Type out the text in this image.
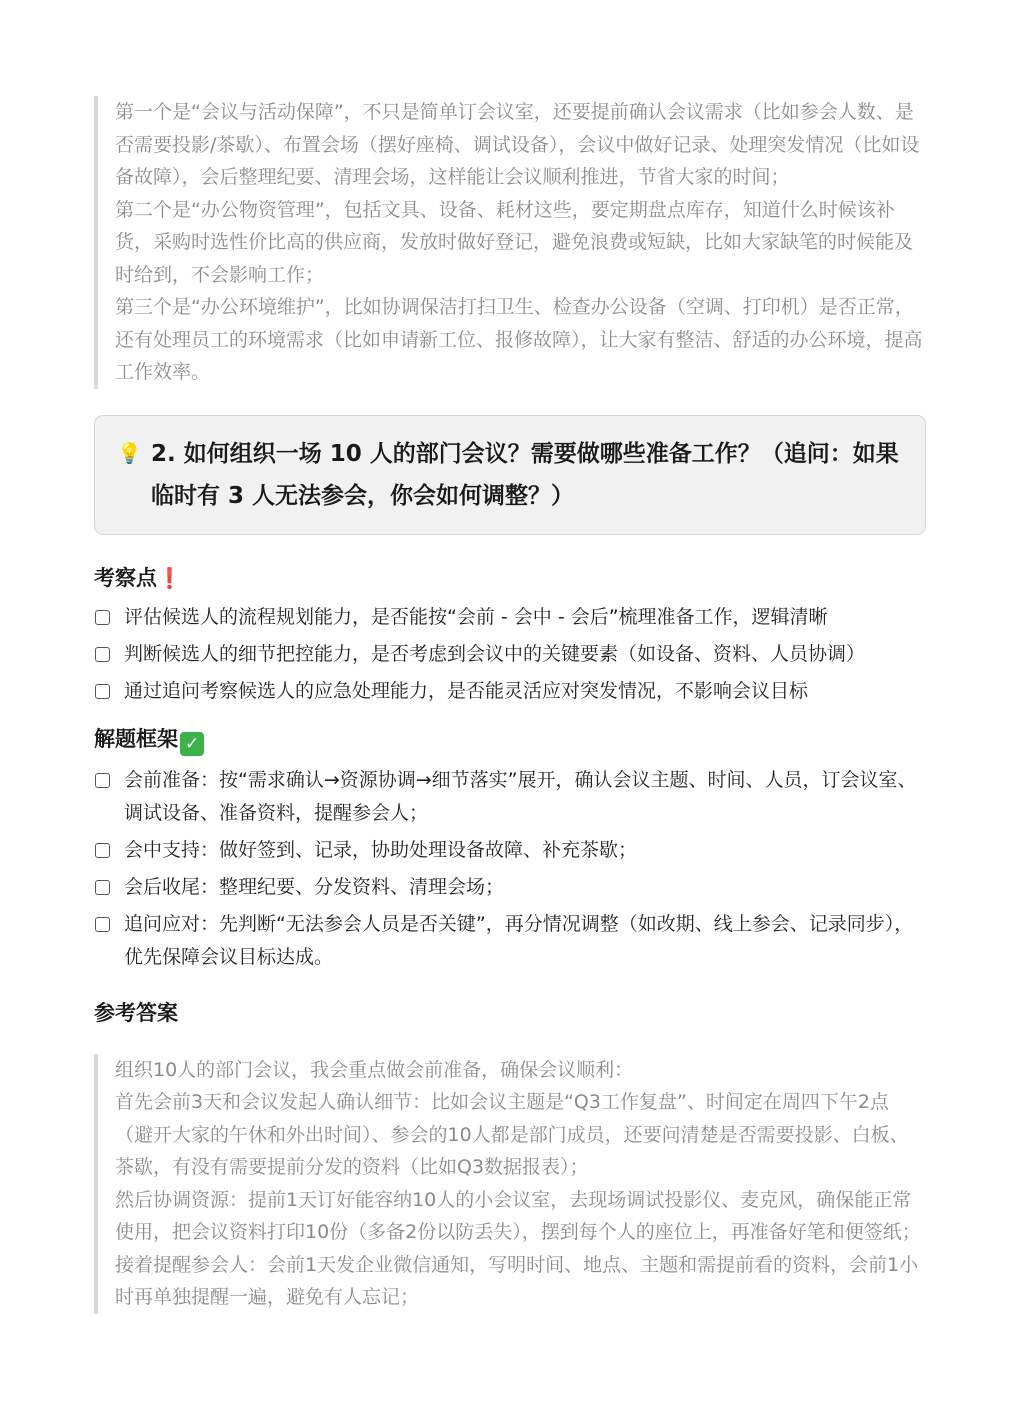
第一个是“会议与活动保障”，不只是简单订会议室，还要提前确认会议需求（比如参会人数、是否需要投影/茶歇）、布置会场（摆好座椅、调试设备），会议中做好记录、处理突发情况（比如设备故障），会后整理纪要、清理会场，这样能让会议顺利推进，节省大家的时间；

第二个是“办公物资管理”，包括文具、设备、耗材这些，要定期盘点库存，知道什么时候该补货，采购时选性价比高的供应商，发放时做好登记，避免浪费或短缺，比如大家缺笔的时候能及时给到，不会影响工作；

第三个是“办公环境维护”，比如协调保洁打扫卫生、检查办公设备（空调、打印机）是否正常，还有处理员工的环境需求（比如申请新工位、报修故障），让大家有整洁、舒适的办公环境，提高工作效率。

💡 2. 如何组织一场 10 人的部门会议？需要做哪些准备工作？（追问：如果临时有 3 人无法参会，你会如何调整？）
考察点❗
评估候选人的流程规划能力，是否能按“会前 - 会中 - 会后”梳理准备工作，逻辑清晰
判断候选人的细节把控能力，是否考虑到会议中的关键要素（如设备、资料、人员协调）
通过追问考察候选人的应急处理能力，是否能灵活应对突发情况，不影响会议目标
解题框架 ✓
会前准备：按“需求确认→资源协调→细节落实”展开，确认会议主题、时间、人员，订会议室、调试设备、准备资料，提醒参会人；
会中支持：做好签到、记录，协助处理设备故障、补充茶歇；
会后收尾：整理纪要、分发资料、清理会场；
追问应对：先判断“无法参会人员是否关键”，再分情况调整（如改期、线上参会、记录同步），优先保障会议目标达成。
参考答案

组织10人的部门会议，我会重点做会前准备，确保会议顺利：

首先会前3天和会议发起人确认细节：比如会议主题是“Q3工作复盘”、时间定在周四下午2点（避开大家的午休和外出时间）、参会的10人都是部门成员，还要问清楚是否需要投影、白板、茶歇，有没有需要提前分发的资料（比如Q3数据报表）；

然后协调资源：提前1天订好能容纳10人的小会议室，去现场调试投影仪、麦克风，确保能正常使用，把会议资料打印10份（多备2份以防丢失），摆到每个人的座位上，再准备好笔和便签纸；

接着提醒参会人：会前1天发企业微信通知，写明时间、地点、主题和需提前看的资料，会前1小时再单独提醒一遍，避免有人忘记；
